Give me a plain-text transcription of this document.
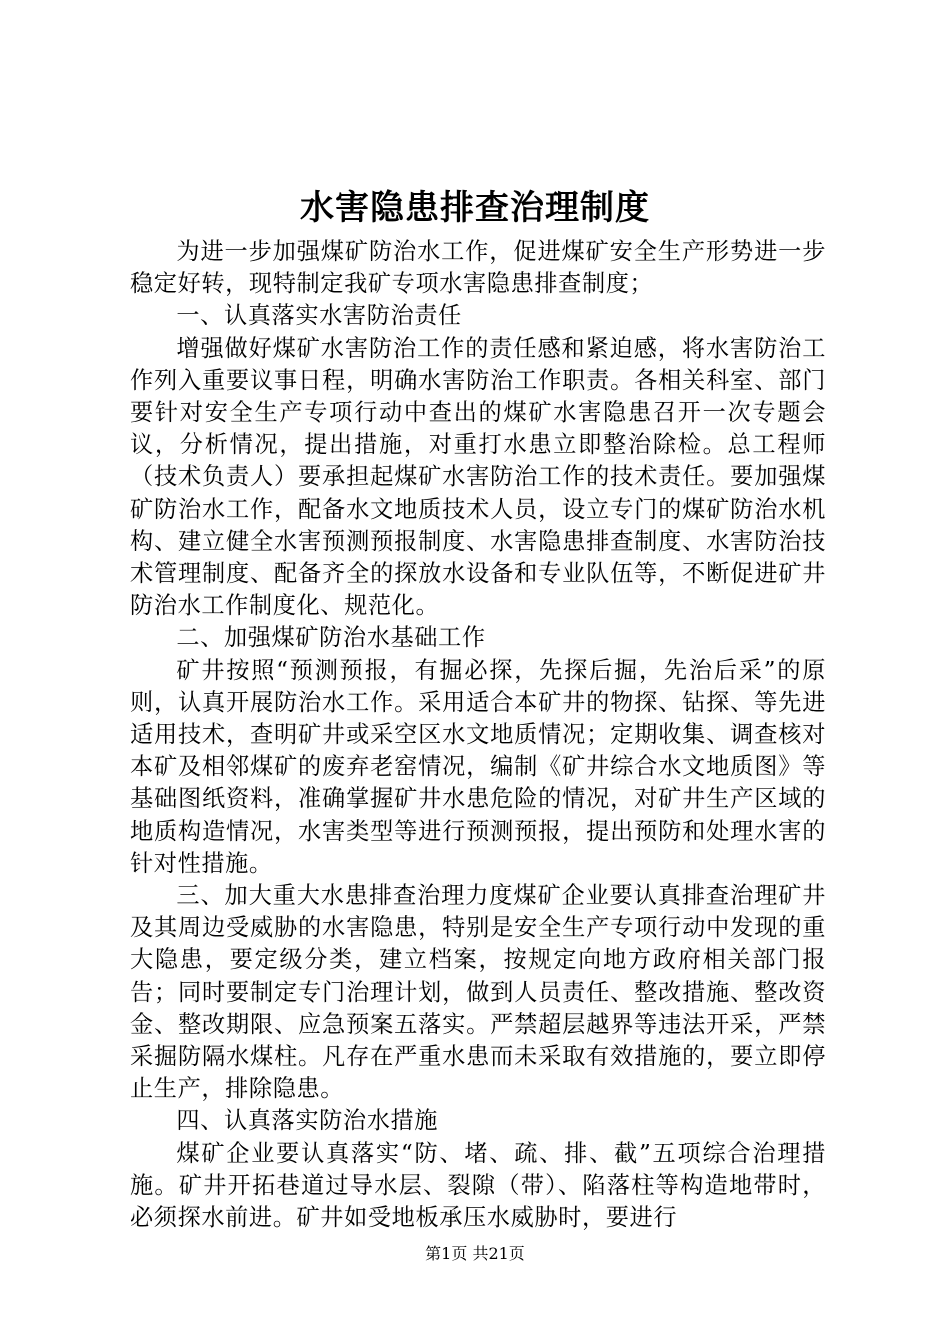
水害隐患排查治理制度

为进一步加强煤矿防治水工作，促进煤矿安全生产形势进一步稳定好转，现特制定我矿专项水害隐患排查制度；

一、认真落实水害防治责任

增强做好煤矿水害防治工作的责任感和紧迫感，将水害防治工作列入重要议事日程，明确水害防治工作职责。各相关科室、部门要针对安全生产专项行动中查出的煤矿水害隐患召开一次专题会议，分析情况，提出措施，对重打水患立即整治除检。总工程师（技术负责人）要承担起煤矿水害防治工作的技术责任。要加强煤矿防治水工作，配备水文地质技术人员，设立专门的煤矿防治水机构、建立健全水害预测预报制度、水害隐患排查制度、水害防治技术管理制度、配备齐全的探放水设备和专业队伍等，不断促进矿井防治水工作制度化、规范化。

二、加强煤矿防治水基础工作

矿井按照“预测预报，有掘必探，先探后掘，先治后采”的原则，认真开展防治水工作。采用适合本矿井的物探、钻探、等先进适用技术，查明矿井或采空区水文地质情况；定期收集、调查核对本矿及相邻煤矿的废弃老窑情况，编制《矿井综合水文地质图》等基础图纸资料，准确掌握矿井水患危险的情况，对矿井生产区域的地质构造情况，水害类型等进行预测预报，提出预防和处理水害的针对性措施。

三、加大重大水患排查治理力度煤矿企业要认真排查治理矿井及其周边受威胁的水害隐患，特别是安全生产专项行动中发现的重大隐患，要定级分类，建立档案，按规定向地方政府相关部门报告；同时要制定专门治理计划，做到人员责任、整改措施、整改资金、整改期限、应急预案五落实。严禁超层越界等违法开采，严禁采掘防隔水煤柱。凡存在严重水患而未采取有效措施的，要立即停止生产，排除隐患。

四、认真落实防治水措施

煤矿企业要认真落实“防、堵、疏、排、截”五项综合治理措施。矿井开拓巷道过导水层、裂隙（带）、陷落柱等构造地带时，必须探水前进。矿井如受地板承压水威胁时，要进行

第1页 共21页
